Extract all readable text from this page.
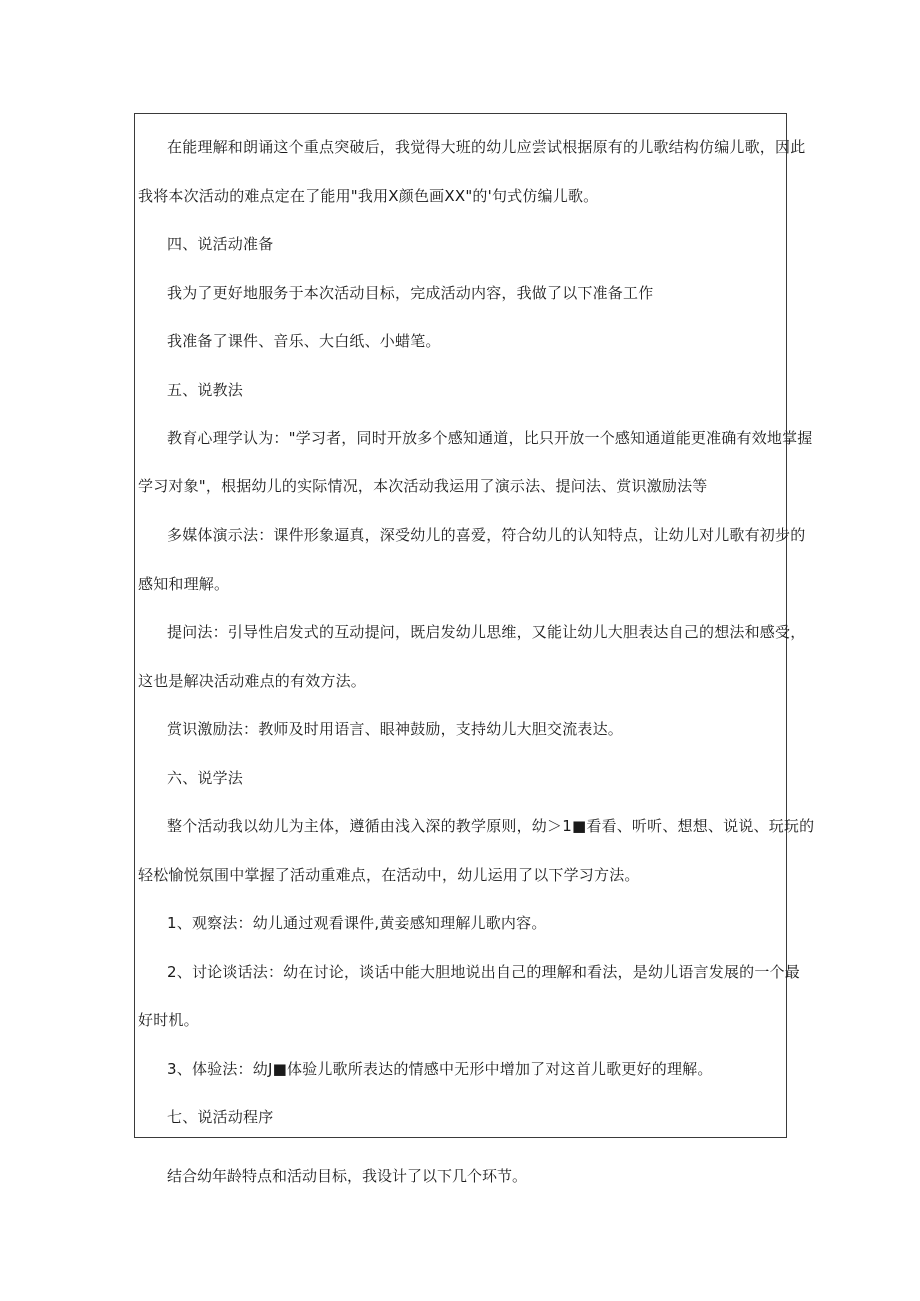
在能理解和朗诵这个重点突破后，我觉得大班的幼儿应尝试根据原有的儿歌结构仿编儿歌，因此

我将本次活动的难点定在了能用"我用X颜色画XX"的'句式仿编儿歌。

四、说活动准备

我为了更好地服务于本次活动目标，完成活动内容，我做了以下准备工作

我准备了课件、音乐、大白纸、小蜡笔。

五、说教法

教育心理学认为："学习者，同时开放多个感知通道，比只开放一个感知通道能更准确有效地掌握

学习对象"，根据幼儿的实际情况，本次活动我运用了演示法、提问法、赏识激励法等

多媒体演示法：课件形象逼真，深受幼儿的喜爱，符合幼儿的认知特点，让幼儿对儿歌有初步的

感知和理解。

提问法：引导性启发式的互动提问，既启发幼儿思维，又能让幼儿大胆表达自己的想法和感受，

这也是解决活动难点的有效方法。

赏识激励法：教师及时用语言、眼神鼓励，支持幼儿大胆交流表达。

六、说学法

整个活动我以幼儿为主体，遵循由浅入深的教学原则，幼＞1■看看、听听、想想、说说、玩玩的

轻松愉悦氛围中掌握了活动重难点，在活动中，幼儿运用了以下学习方法。

1、观察法：幼儿通过观看课件,黄妾感知理解儿歌内容。

2、讨论谈话法：幼在讨论，谈话中能大胆地说出自己的理解和看法，是幼儿语言发展的一个最

好时机。

3、体验法：幼J■体验儿歌所表达的情感中无形中增加了对这首儿歌更好的理解。

七、说活动程序

结合幼年龄特点和活动目标，我设计了以下几个环节。
